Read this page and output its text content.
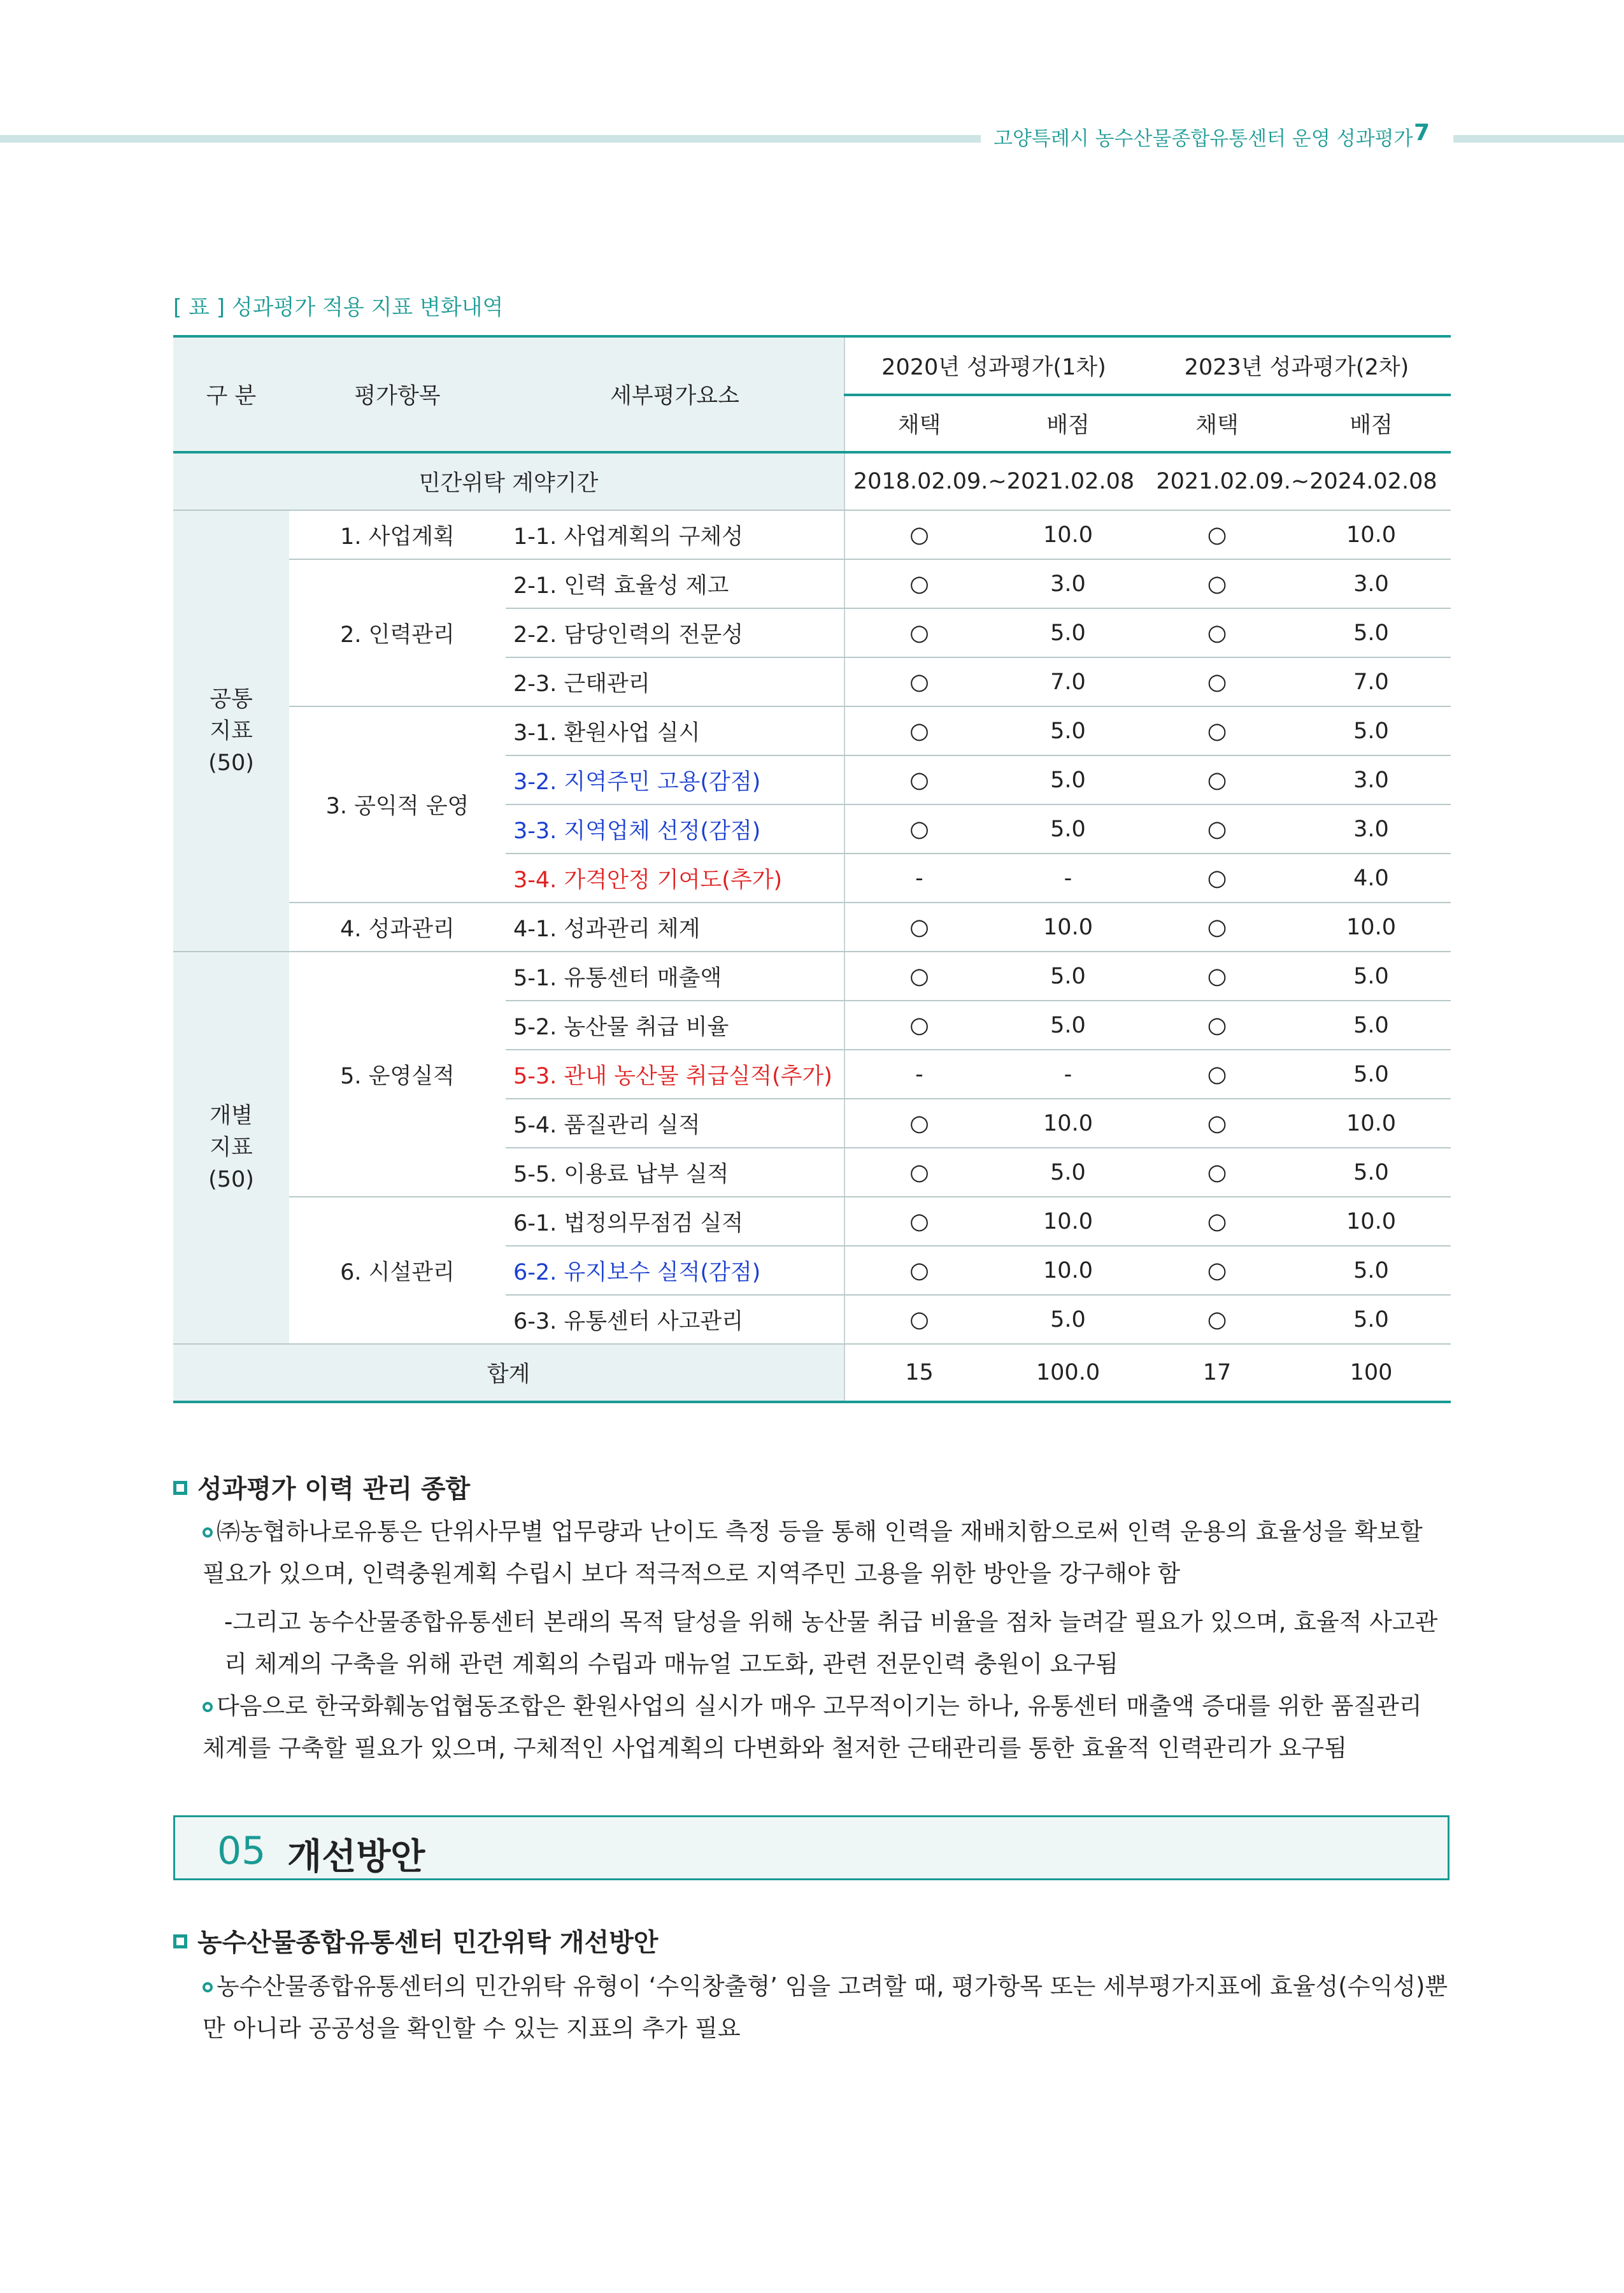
고양특례시 농수산물종합유통센터 운영 성과평가 7
[ 표 ] 성과평가 적용 지표 변화내역
구 분	평가항목	세부평가요소	2020년 성과평가(1차)		2023년 성과평가(2차)	
			채택	배점	채택	배점
민간위탁 계약기간			2018.02.09.~2021.02.08		2021.02.09.~2024.02.08	

공통
지표
(50)	1. 사업계획	1-1. 사업계획의 구체성	○	10.0	○	10.0
	2. 인력관리	2-1. 인력 효율성 제고	○	3.0	○	3.0
		2-2. 담당인력의 전문성	○	5.0	○	5.0
		2-3. 근태관리	○	7.0	○	7.0
	3. 공익적 운영	3-1. 환원사업 실시	○	5.0	○	5.0
		3-2. 지역주민 고용(감점)	○	5.0	○	3.0
		3-3. 지역업체 선정(감점)	○	5.0	○	3.0
		3-4. 가격안정 기여도(추가)	-	-	○	4.0
	4. 성과관리	4-1. 성과관리 체계	○	10.0	○	10.0

개별
지표
(50)	5. 운영실적	5-1. 유통센터 매출액	○	5.0	○	5.0
		5-2. 농산물 취급 비율	○	5.0	○	5.0
		5-3. 관내 농산물 취급실적(추가)	-	-	○	5.0
		5-4. 품질관리 실적	○	10.0	○	10.0
		5-5. 이용료 납부 실적	○	5.0	○	5.0
	6. 시설관리	6-1. 법정의무점검 실적	○	10.0	○	10.0
		6-2. 유지보수 실적(감점)	○	10.0	○	5.0
		6-3. 유통센터 사고관리	○	5.0	○	5.0
합계			15	100.0	17	100
성과평가 이력 관리 종합
㈜농협하나로유통은 단위사무별 업무량과 난이도 측정 등을 통해 인력을 재배치함으로써 인력 운용의 효율성을 확보할 필요가 있으며, 인력충원계획 수립시 보다 적극적으로 지역주민 고용을 위한 방안을 강구해야 함
-그리고 농수산물종합유통센터 본래의 목적 달성을 위해 농산물 취급 비율을 점차 늘려갈 필요가 있으며, 효율적 사고관리 체계의 구축을 위해 관련 계획의 수립과 매뉴얼 고도화, 관련 전문인력 충원이 요구됨
다음으로 한국화훼농업협동조합은 환원사업의 실시가 매우 고무적이기는 하나, 유통센터 매출액 증대를 위한 품질관리 체계를 구축할 필요가 있으며, 구체적인 사업계획의 다변화와 철저한 근태관리를 통한 효율적 인력관리가 요구됨
05 개선방안
농수산물종합유통센터 민간위탁 개선방안
농수산물종합유통센터의 민간위탁 유형이 ‘수익창출형’ 임을 고려할 때, 평가항목 또는 세부평가지표에 효율성(수익성)뿐만 아니라 공공성을 확인할 수 있는 지표의 추가 필요
